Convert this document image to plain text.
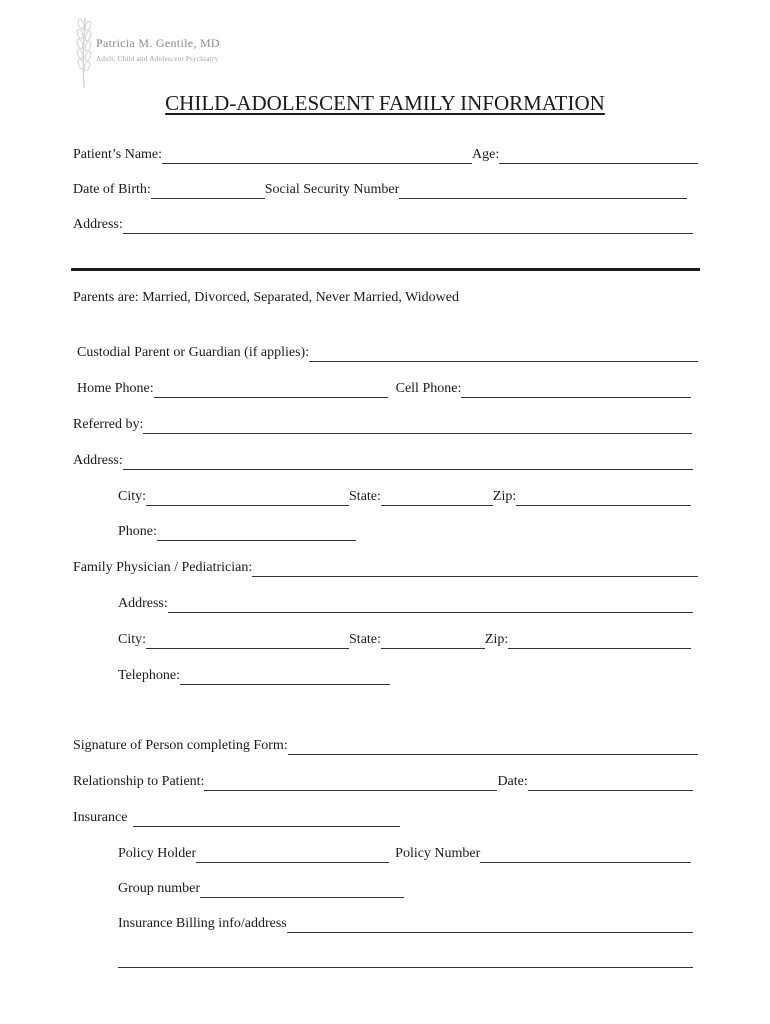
Patricia M. Gentile, MD
Adult, Child and Adolescent Psychiatry
CHILD-ADOLESCENT FAMILY INFORMATION
Patient’s Name:	Age:
Date of Birth:	Social Security Number
Address:
Parents are: Married, Divorced, Separated, Never Married, Widowed
Custodial Parent or Guardian (if applies):
Home Phone:	Cell Phone:
Referred by:
Address:
City:	State:	Zip:
Phone:
Family Physician / Pediatrician:
Address:
City:	State:	Zip:
Telephone:
Signature of Person completing Form:
Relationship to Patient:	Date:
Insurance
Policy Holder	Policy Number
Group number
Insurance Billing info/address
